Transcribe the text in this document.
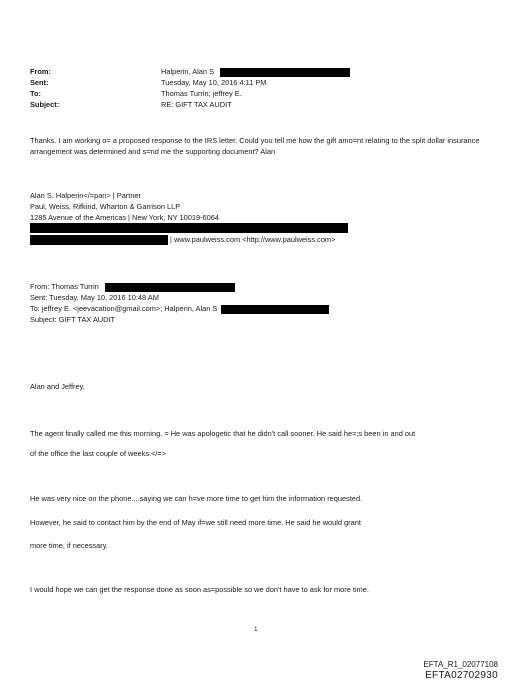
From:	Halperin, Alan S
Sent:	Tuesday, May 10, 2016 4:11 PM
To:	Thomas Turrin; jeffrey E.
Subject:	RE: GIFT TAX AUDIT
Thanks. I am working o= a proposed response to the IRS letter. Could you tell me how the gift amo=nt relating to the split dollar insurance arrangement was determined and s=nd me the supporting document? Alan
Alan S. Halperin</=pan> | Partner
Paul, Weiss, Rifkind, Wharton & Garrison LLP
1285 Avenue of the Americas | New York, NY 10019-6064
| www.paulweiss.com <http://www.paulweiss.com>
From: Thomas Turrin
Sent: Tuesday, May 10, 2016 10:48 AM
To: jeffrey E. <jeevacation@gmail.com>; Halperin, Alan S
Subject: GIFT TAX AUDIT
Alan and Jeffrey,
The agent finally called me this morning. = He was apologetic that he didn't call sooner. He said he=;s been in and out
of the office the last couple of weeks.</=>
He was very nice on the phone....saying we can h=ve more time to get him the information requested.
However, he said to contact him by the end of May if=we still need more time. He said he would grant
more time, if necessary.
I would hope we can get the response done as soon as=possible so we don't have to ask for more time.
1
EFTA_R1_02077108
EFTA02702930
